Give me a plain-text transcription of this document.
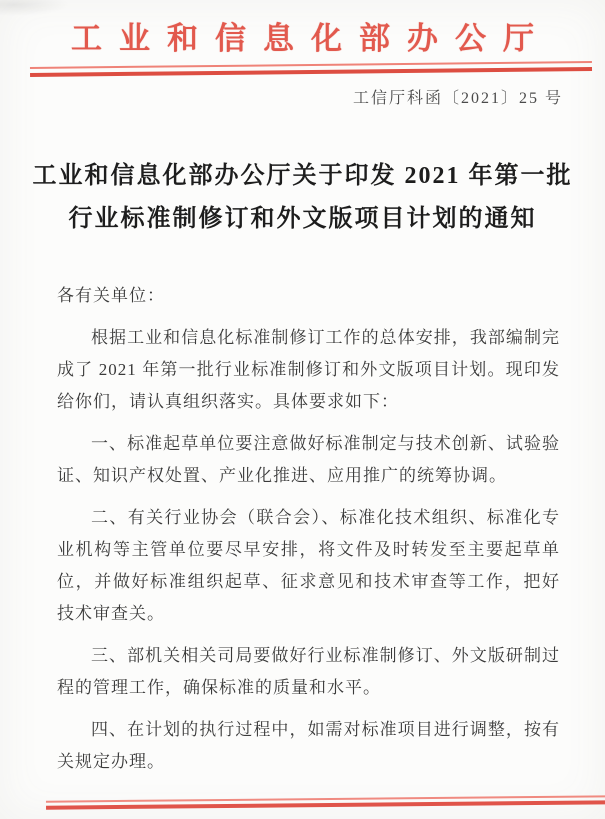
工业和信息化部办公厅

工信厅科函〔2021〕25 号

工业和信息化部办公厅关于印发 2021 年第一批
行业标准制修订和外文版项目计划的通知

各有关单位：

根据工业和信息化标准制修订工作的总体安排，我部编制完成了 2021 年第一批行业标准制修订和外文版项目计划。现印发给你们，请认真组织落实。具体要求如下：

一、标准起草单位要注意做好标准制定与技术创新、试验验证、知识产权处置、产业化推进、应用推广的统筹协调。

二、有关行业协会（联合会）、标准化技术组织、标准化专业机构等主管单位要尽早安排，将文件及时转发至主要起草单位，并做好标准组织起草、征求意见和技术审查等工作，把好技术审查关。

三、部机关相关司局要做好行业标准制修订、外文版研制过程的管理工作，确保标准的质量和水平。

四、在计划的执行过程中，如需对标准项目进行调整，按有关规定办理。
